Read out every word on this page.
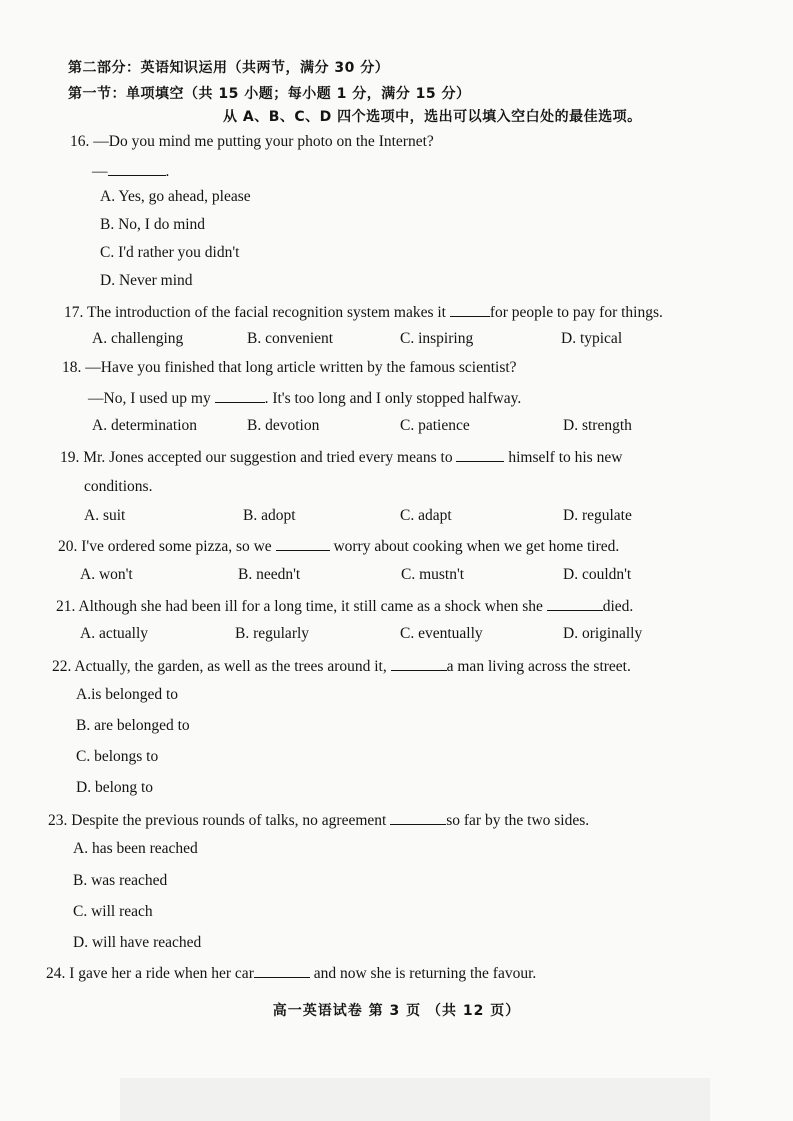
第二部分：英语知识运用（共两节，满分 30 分）
第一节：单项填空（共 15 小题；每小题 1 分，满分 15 分）
从 A、B、C、D 四个选项中，选出可以填入空白处的最佳选项。
16. —Do you mind me putting your photo on the Internet?
—	.
A. Yes, go ahead, please
B. No, I do mind
C. I'd rather you didn't
D. Never mind
17. The introduction of the facial recognition system makes it	for people to pay for things.
A. challenging	B. convenient	C. inspiring	D. typical
18. —Have you finished that long article written by the famous scientist?
—No, I used up my	. It's too long and I only stopped halfway.
A. determination	B. devotion	C. patience	D. strength
19. Mr. Jones accepted our suggestion and tried every means to	himself to his new
conditions.
A. suit	B. adopt	C. adapt	D. regulate
20. I've ordered some pizza, so we	worry about cooking when we get home tired.
A. won't	B. needn't	C. mustn't	D. couldn't
21. Although she had been ill for a long time, it still came as a shock when she	died.
A. actually	B. regularly	C. eventually	D. originally
22. Actually, the garden, as well as the trees around it,	a man living across the street.
A.is belonged to
B. are belonged to
C. belongs to
D. belong to
23. Despite the previous rounds of talks, no agreement	so far by the two sides.
A. has been reached
B. was reached
C. will reach
D. will have reached
24. I gave her a ride when her car	and now she is returning the favour.
高一英语试卷 第 3 页 （共 12 页）
